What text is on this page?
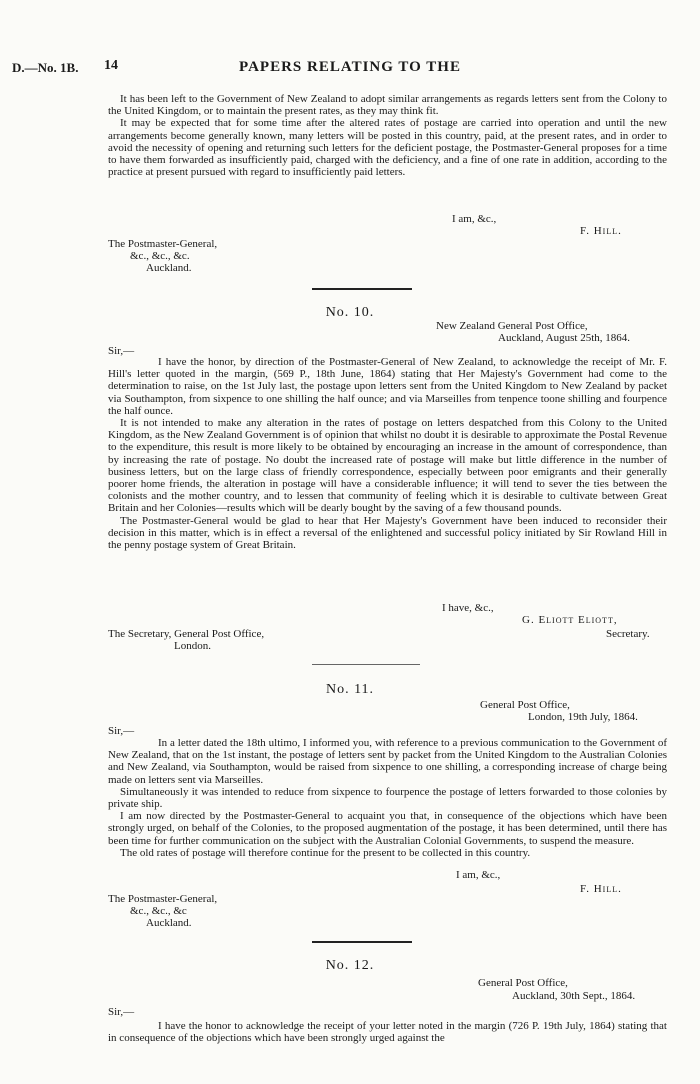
D.—No. 1B. 14	PAPERS RELATING TO THE

It has been left to the Government of New Zealand to adopt similar arrangements as regards letters sent from the Colony to the United Kingdom, or to maintain the present rates, as they may think fit.

It may be expected that for some time after the altered rates of postage are carried into operation and until the new arrangements become generally known, many letters will be posted in this country, paid, at the present rates, and in order to avoid the necessity of opening and returning such letters for the deficient postage, the Postmaster-General proposes for a time to have them forwarded as insufficiently paid, charged with the deficiency, and a fine of one rate in addition, according to the practice at present pursued with regard to insufficiently paid letters.

I am, &c.,
F. Hill.
The Postmaster-General,
&c., &c., &c.
Auckland.
No. 10.
New Zealand General Post Office,
Auckland, August 25th, 1864.
Sir,—

I have the honor, by direction of the Postmaster-General of New Zealand, to acknowledge the receipt of Mr. F. Hill's letter quoted in the margin, (569 P., 18th June, 1864) stating that Her Majesty's Government had come to the determination to raise, on the 1st July last, the postage upon letters sent from the United Kingdom to New Zealand by packet via Southampton, from sixpence to one shilling the half ounce; and via Marseilles from tenpence toone shilling and fourpence the half ounce.

It is not intended to make any alteration in the rates of postage on letters despatched from this Colony to the United Kingdom, as the New Zealand Government is of opinion that whilst no doubt it is desirable to approximate the Postal Revenue to the expenditure, this result is more likely to be obtained by encouraging an increase in the amount of correspondence, than by increasing the rate of postage. No doubt the increased rate of postage will make but little difference in the number of business letters, but on the large class of friendly correspondence, especially between poor emigrants and their generally poorer home friends, the alteration in postage will have a considerable influence; it will tend to sever the ties between the colonists and the mother country, and to lessen that community of feeling which it is desirable to cultivate between Great Britain and her Colonies—results which will be dearly bought by the saving of a few thousand pounds.

The Postmaster-General would be glad to hear that Her Majesty's Government have been induced to reconsider their decision in this matter, which is in effect a reversal of the enlightened and successful policy initiated by Sir Rowland Hill in the penny postage system of Great Britain.

I have, &c.,
G. Eliott Eliott,
Secretary.
The Secretary, General Post Office,
London.
No. 11.
General Post Office,
London, 19th July, 1864.
Sir,—

In a letter dated the 18th ultimo, I informed you, with reference to a previous communication to the Government of New Zealand, that on the 1st instant, the postage of letters sent by packet from the United Kingdom to the Australian Colonies and New Zealand, via Southampton, would be raised from sixpence to one shilling, a corresponding increase of charge being made on letters sent via Marseilles.

Simultaneously it was intended to reduce from sixpence to fourpence the postage of letters forwarded to those colonies by private ship.

I am now directed by the Postmaster-General to acquaint you that, in consequence of the objections which have been strongly urged, on behalf of the Colonies, to the proposed augmentation of the postage, it has been determined, until there has been time for further communication on the subject with the Australian Colonial Governments, to suspend the measure.

The old rates of postage will therefore continue for the present to be collected in this country.

I am, &c.,
F. Hill.
The Postmaster-General,
&c., &c., &c
Auckland.
No. 12.
General Post Office,
Auckland, 30th Sept., 1864.
Sir,—

I have the honor to acknowledge the receipt of your letter noted in the margin (726 P. 19th July, 1864) stating that in consequence of the objections which have been strongly urged against the
